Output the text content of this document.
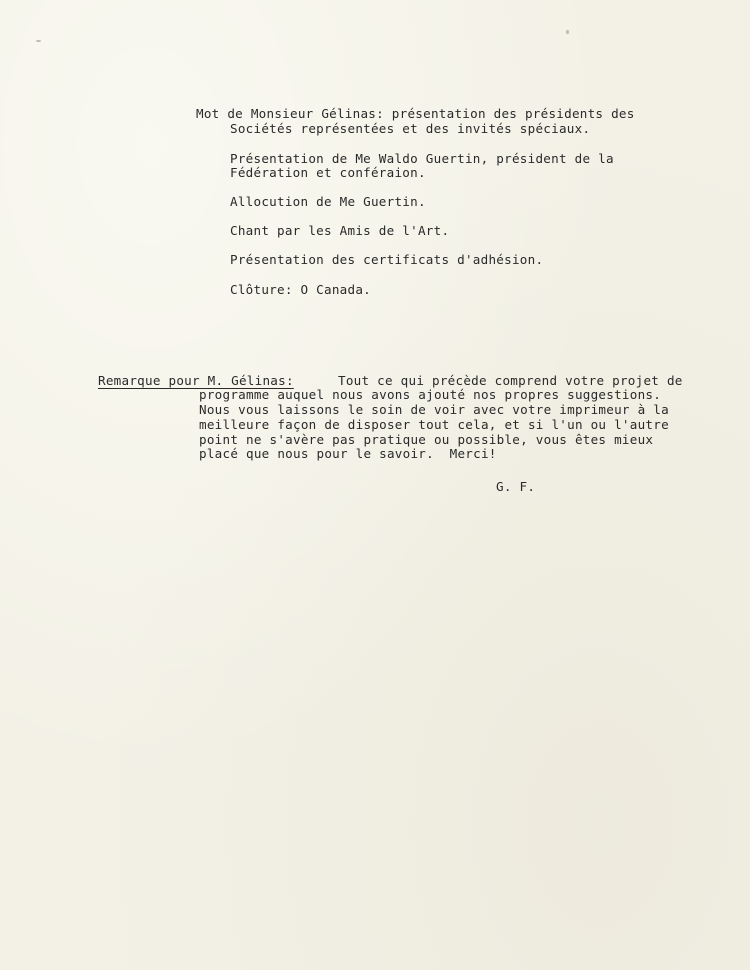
Mot de Monsieur Gélinas: présentation des présidents des
Sociétés représentées et des invités spéciaux.
Présentation de Me Waldo Guertin, président de la
Fédération et conféraion.
Allocution de Me Guertin.
Chant par les Amis de l'Art.
Présentation des certificats d'adhésion.
Clôture: O Canada.
Remarque pour M. Gélinas:	Tout ce qui précède comprend votre projet de
programme auquel nous avons ajouté nos propres suggestions.
Nous vous laissons le soin de voir avec votre imprimeur à la
meilleure façon de disposer tout cela, et si l'un ou l'autre
point ne s'avère pas pratique ou possible, vous êtes mieux
placé que nous pour le savoir.  Merci!
G. F.
